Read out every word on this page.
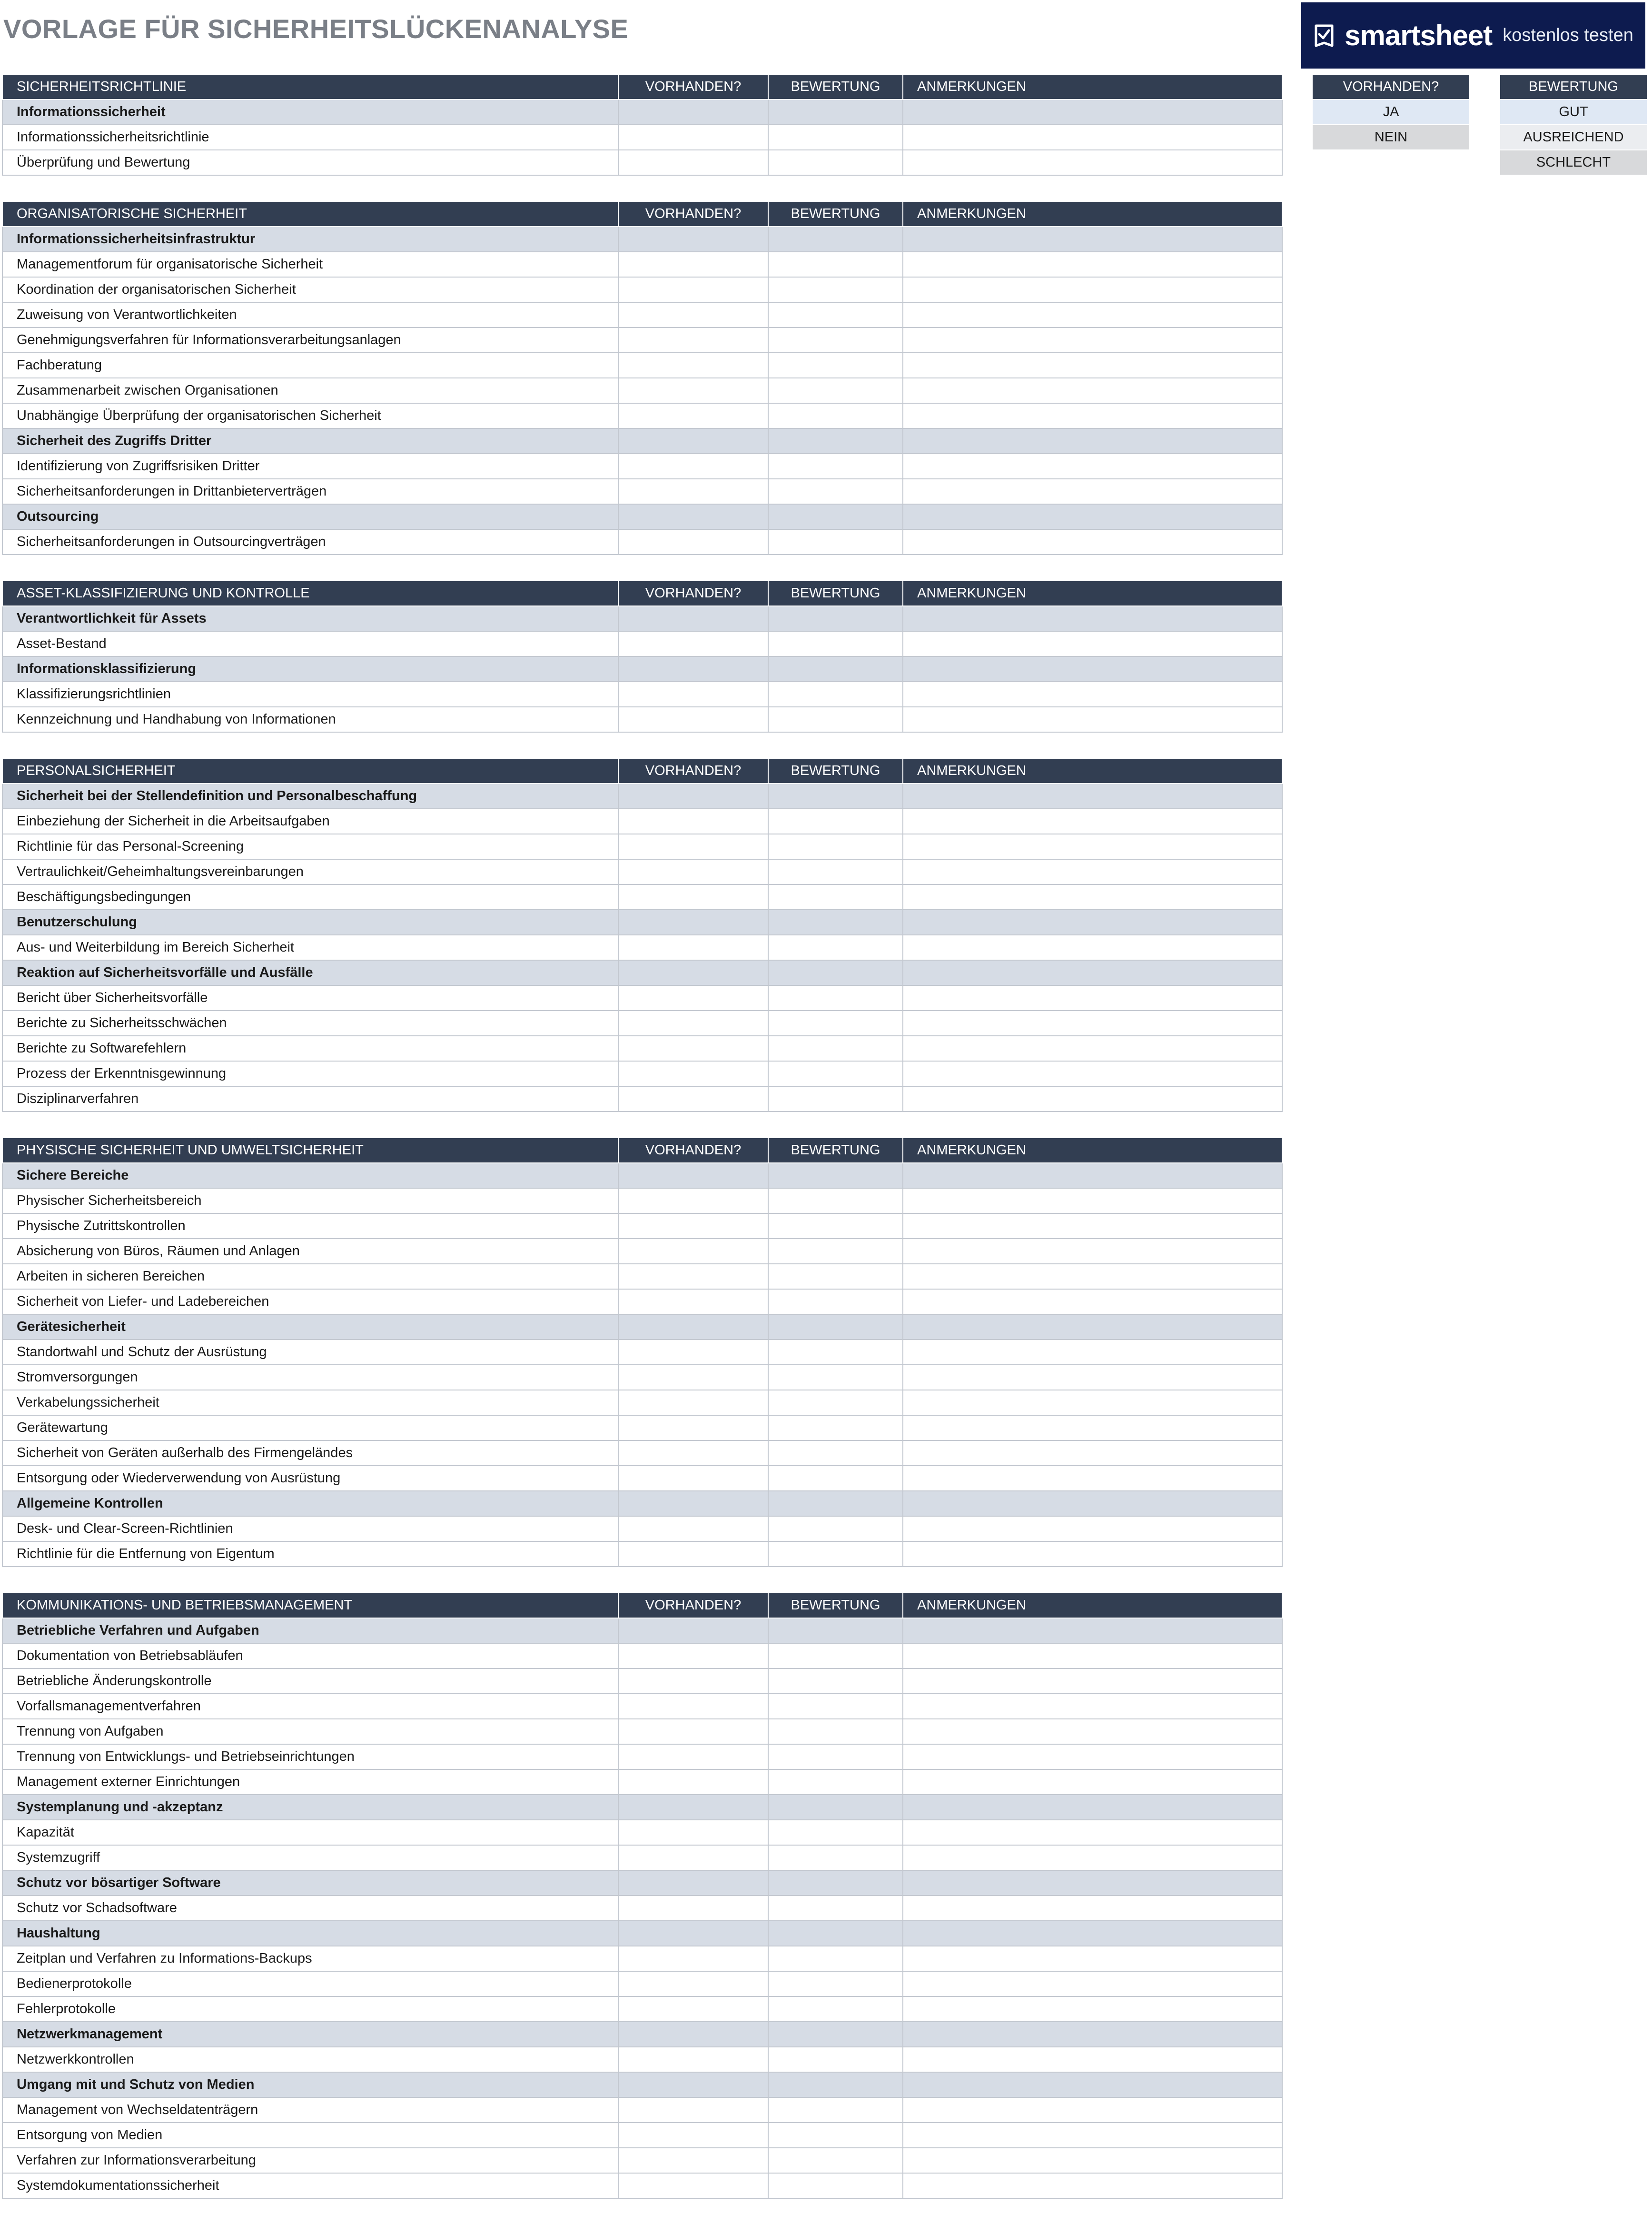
VORLAGE FÜR SICHERHEITSLÜCKENANALYSE	smartsheet kostenlos testen
VORHANDEN?
JA
NEIN
BEWERTUNG
GUT
AUSREICHEND
SCHLECHT
SICHERHEITSRICHTLINIE	VORHANDEN?	BEWERTUNG	ANMERKUNGEN
Informationssicherheit			
Informationssicherheitsrichtlinie			
Überprüfung und Bewertung			
ORGANISATORISCHE SICHERHEIT	VORHANDEN?	BEWERTUNG	ANMERKUNGEN
Informationssicherheitsinfrastruktur			
Managementforum für organisatorische Sicherheit			
Koordination der organisatorischen Sicherheit			
Zuweisung von Verantwortlichkeiten			
Genehmigungsverfahren für Informationsverarbeitungsanlagen			
Fachberatung			
Zusammenarbeit zwischen Organisationen			
Unabhängige Überprüfung der organisatorischen Sicherheit			
Sicherheit des Zugriffs Dritter			
Identifizierung von Zugriffsrisiken Dritter			
Sicherheitsanforderungen in Drittanbieterverträgen			
Outsourcing			
Sicherheitsanforderungen in Outsourcingverträgen			
ASSET-KLASSIFIZIERUNG UND KONTROLLE	VORHANDEN?	BEWERTUNG	ANMERKUNGEN
Verantwortlichkeit für Assets			
Asset-Bestand			
Informationsklassifizierung			
Klassifizierungsrichtlinien			
Kennzeichnung und Handhabung von Informationen			
PERSONALSICHERHEIT	VORHANDEN?	BEWERTUNG	ANMERKUNGEN
Sicherheit bei der Stellendefinition und Personalbeschaffung			
Einbeziehung der Sicherheit in die Arbeitsaufgaben			
Richtlinie für das Personal-Screening			
Vertraulichkeit/Geheimhaltungsvereinbarungen			
Beschäftigungsbedingungen			
Benutzerschulung			
Aus- und Weiterbildung im Bereich Sicherheit			
Reaktion auf Sicherheitsvorfälle und Ausfälle			
Bericht über Sicherheitsvorfälle			
Berichte zu Sicherheitsschwächen			
Berichte zu Softwarefehlern			
Prozess der Erkenntnisgewinnung			
Disziplinarverfahren			
PHYSISCHE SICHERHEIT UND UMWELTSICHERHEIT	VORHANDEN?	BEWERTUNG	ANMERKUNGEN
Sichere Bereiche			
Physischer Sicherheitsbereich			
Physische Zutrittskontrollen			
Absicherung von Büros, Räumen und Anlagen			
Arbeiten in sicheren Bereichen			
Sicherheit von Liefer- und Ladebereichen			
Gerätesicherheit			
Standortwahl und Schutz der Ausrüstung			
Stromversorgungen			
Verkabelungssicherheit			
Gerätewartung			
Sicherheit von Geräten außerhalb des Firmengeländes			
Entsorgung oder Wiederverwendung von Ausrüstung			
Allgemeine Kontrollen			
Desk- und Clear-Screen-Richtlinien			
Richtlinie für die Entfernung von Eigentum			
KOMMUNIKATIONS- UND BETRIEBSMANAGEMENT	VORHANDEN?	BEWERTUNG	ANMERKUNGEN
Betriebliche Verfahren und Aufgaben			
Dokumentation von Betriebsabläufen			
Betriebliche Änderungskontrolle			
Vorfallsmanagementverfahren			
Trennung von Aufgaben			
Trennung von Entwicklungs- und Betriebseinrichtungen			
Management externer Einrichtungen			
Systemplanung und -akzeptanz			
Kapazität			
Systemzugriff			
Schutz vor bösartiger Software			
Schutz vor Schadsoftware			
Haushaltung			
Zeitplan und Verfahren zu Informations-Backups			
Bedienerprotokolle			
Fehlerprotokolle			
Netzwerkmanagement			
Netzwerkkontrollen			
Umgang mit und Schutz von Medien			
Management von Wechseldatenträgern			
Entsorgung von Medien			
Verfahren zur Informationsverarbeitung			
Systemdokumentationssicherheit			
